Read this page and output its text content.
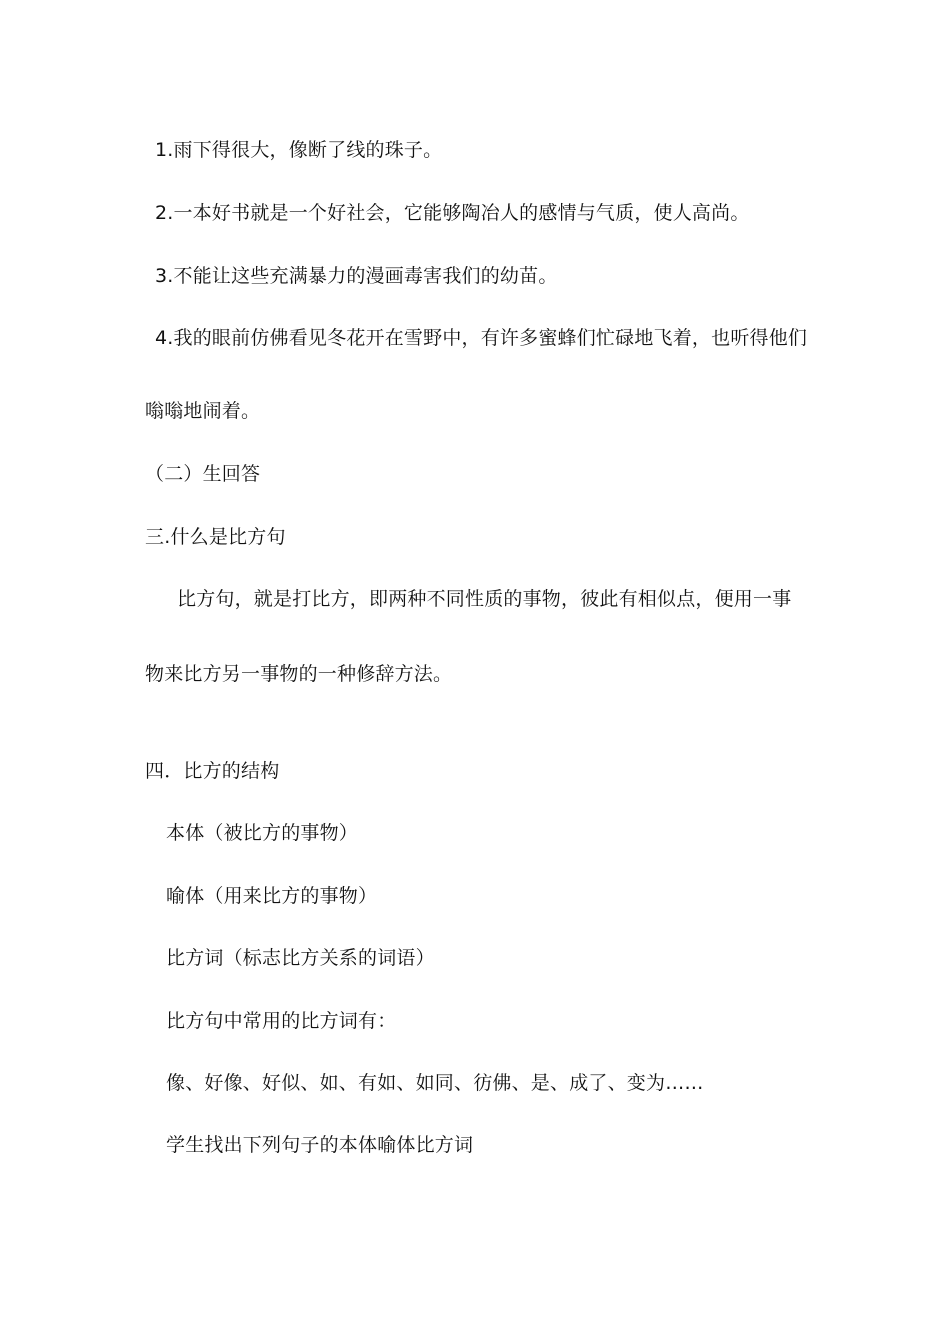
1.雨下得很大，像断了线的珠子。
2.一本好书就是一个好社会，它能够陶冶人的感情与气质，使人高尚。
3.不能让这些充满暴力的漫画毒害我们的幼苗。
4.我的眼前仿佛看见冬花开在雪野中，有许多蜜蜂们忙碌地飞着，也听得他们
嗡嗡地闹着。
（二）生回答
三.什么是比方句
比方句，就是打比方，即两种不同性质的事物，彼此有相似点，便用一事
物来比方另一事物的一种修辞方法。
四．比方的结构
本体（被比方的事物）
喻体（用来比方的事物）
比方词（标志比方关系的词语）
比方句中常用的比方词有：
像、好像、好似、如、有如、如同、彷佛、是、成了、变为……
学生找出下列句子的本体喻体比方词
